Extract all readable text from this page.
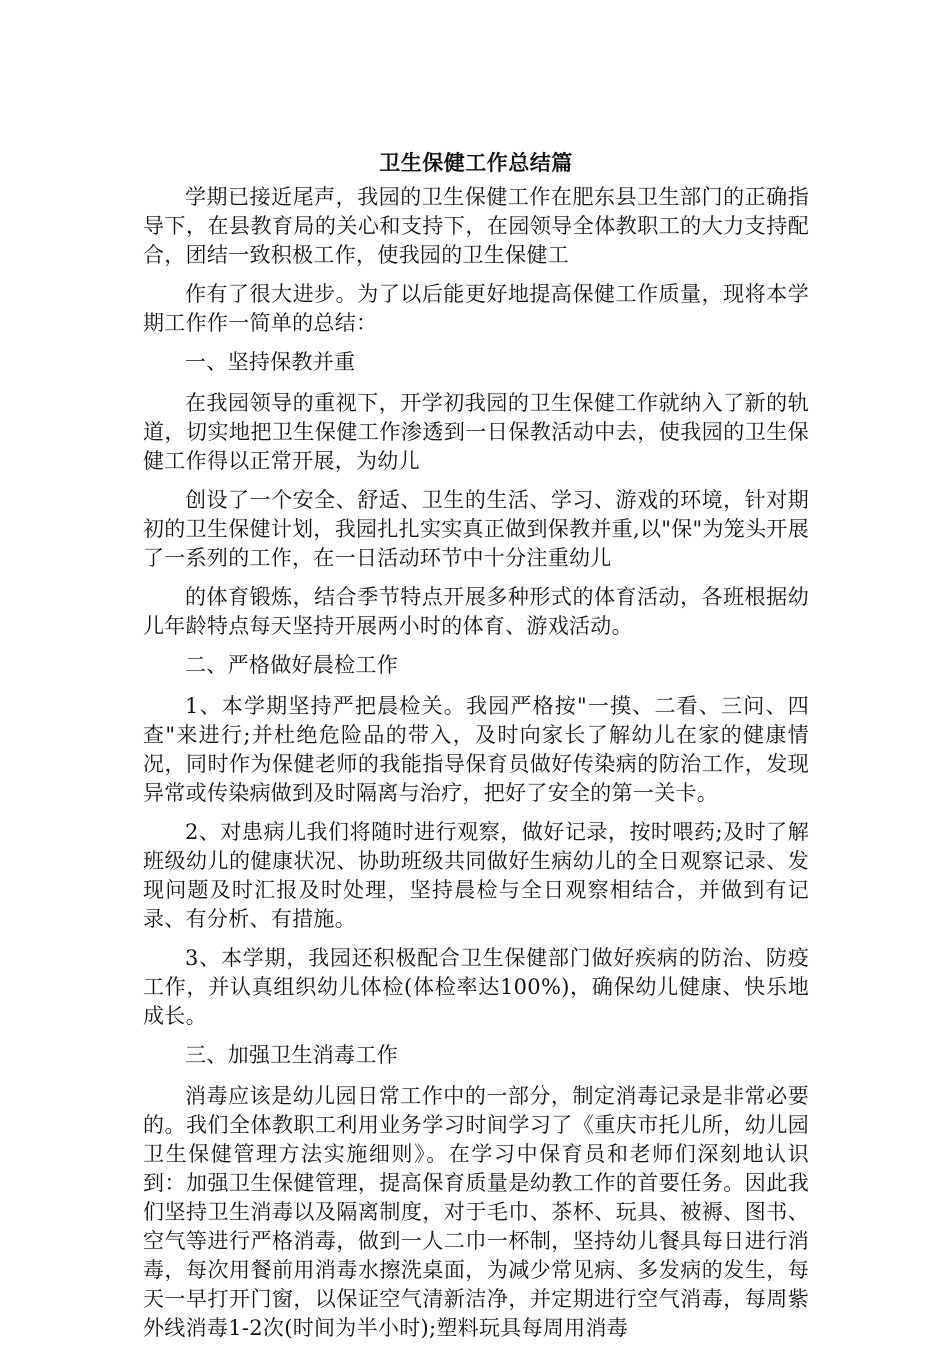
卫生保健工作总结篇

学期已接近尾声，我园的卫生保健工作在肥东县卫生部门的正确指导下，在县教育局的关心和支持下，在园领导全体教职工的大力支持配合，团结一致积极工作，使我园的卫生保健工

作有了很大进步。为了以后能更好地提高保健工作质量，现将本学期工作作一简单的总结：

一、坚持保教并重

在我园领导的重视下，开学初我园的卫生保健工作就纳入了新的轨道，切实地把卫生保健工作渗透到一日保教活动中去，使我园的卫生保健工作得以正常开展，为幼儿

创设了一个安全、舒适、卫生的生活、学习、游戏的环境，针对期初的卫生保健计划，我园扎扎实实真正做到保教并重,以"保"为笼头开展了一系列的工作，在一日活动环节中十分注重幼儿

的体育锻炼，结合季节特点开展多种形式的体育活动，各班根据幼儿年龄特点每天坚持开展两小时的体育、游戏活动。

二、严格做好晨检工作

1、本学期坚持严把晨检关。我园严格按"一摸、二看、三问、四查"来进行;并杜绝危险品的带入，及时向家长了解幼儿在家的健康情况，同时作为保健老师的我能指导保育员做好传染病的防治工作，发现异常或传染病做到及时隔离与治疗，把好了安全的第一关卡。

2、对患病儿我们将随时进行观察，做好记录，按时喂药;及时了解班级幼儿的健康状况、协助班级共同做好生病幼儿的全日观察记录、发现问题及时汇报及时处理，坚持晨检与全日观察相结合，并做到有记录、有分析、有措施。

3、本学期，我园还积极配合卫生保健部门做好疾病的防治、防疫工作，并认真组织幼儿体检(体检率达100%)，确保幼儿健康、快乐地成长。

三、加强卫生消毒工作

消毒应该是幼儿园日常工作中的一部分，制定消毒记录是非常必要的。我们全体教职工利用业务学习时间学习了《重庆市托儿所，幼儿园卫生保健管理方法实施细则》。在学习中保育员和老师们深刻地认识到：加强卫生保健管理，提高保育质量是幼教工作的首要任务。因此我们坚持卫生消毒以及隔离制度，对于毛巾、茶杯、玩具、被褥、图书、空气等进行严格消毒，做到一人二巾一杯制，坚持幼儿餐具每日进行消毒，每次用餐前用消毒水擦洗桌面，为减少常见病、多发病的发生，每天一早打开门窗，以保证空气清新洁净，并定期进行空气消毒，每周紫外线消毒1-2次(时间为半小时);塑料玩具每周用消毒
